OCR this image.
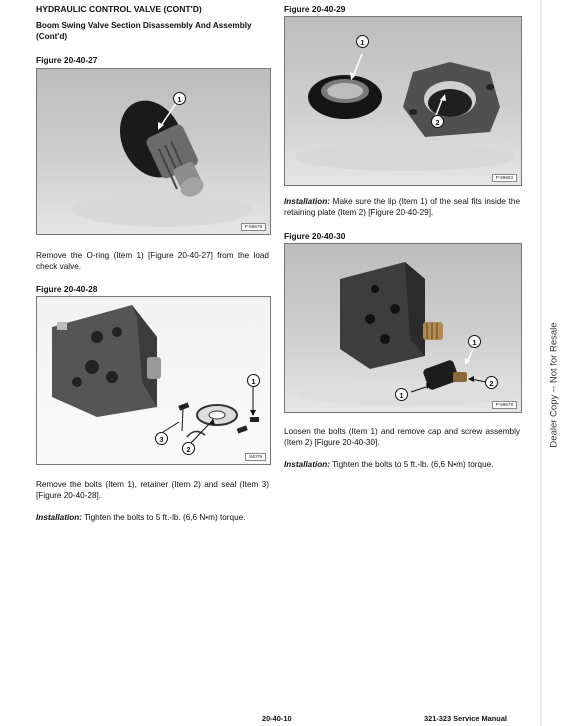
HYDRAULIC CONTROL VALVE (CONT'D)
Boom Swing Valve Section Disassembly And Assembly (Cont'd)
Figure 20-40-27
1
P-59676
Remove the O-ring (Item 1) [Figure 20-40-27] from the load check valve.
Figure 20-40-28
1
2
3
84079
Remove the bolts (Item 1), retainer (Item 2) and seal (Item 3) [Figure 20-40-28].
Installation: Tighten the bolts to 5 ft.-lb. (6,6 N•m) torque.
Figure 20-40-29
1
2
P-59663
Installation: Make sure the lip (Item 1) of the seal fits inside the retaining plate (Item 2) [Figure 20-40-29].
Figure 20-40-30
1
1
2
P-59678
Loosen the bolts (Item 1) and remove cap and screw assembly (Item 2) [Figure 20-40-30].
Installation: Tighten the bolts to 5 ft.-lb. (6,6 N•m) torque.
Dealer Copy -- Not for Resale
20-40-10	321-323 Service Manual
